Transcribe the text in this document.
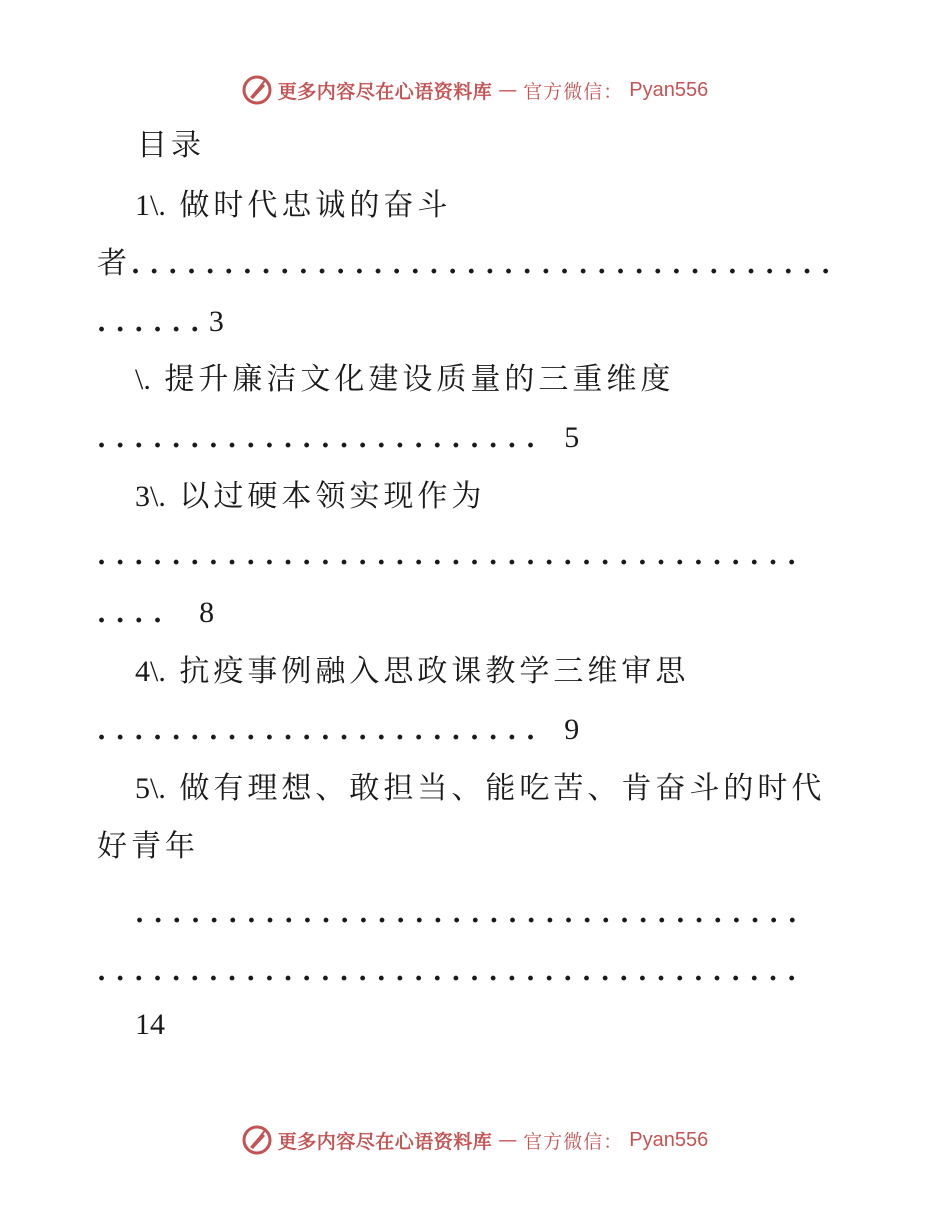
更多内容尽在心语资料库 — 官方微信： Pyan556
目录
1\. 做时代忠诚的奋斗
者......................................
......3
\. 提升廉洁文化建设质量的三重维度
........................ 5
3\. 以过硬本领实现作为
......................................
.... 8
4\. 抗疫事例融入思政课教学三维审思
........................ 9
5\. 做有理想、敢担当、能吃苦、肯奋斗的时代
好青年
....................................
......................................
14
更多内容尽在心语资料库 — 官方微信： Pyan556
